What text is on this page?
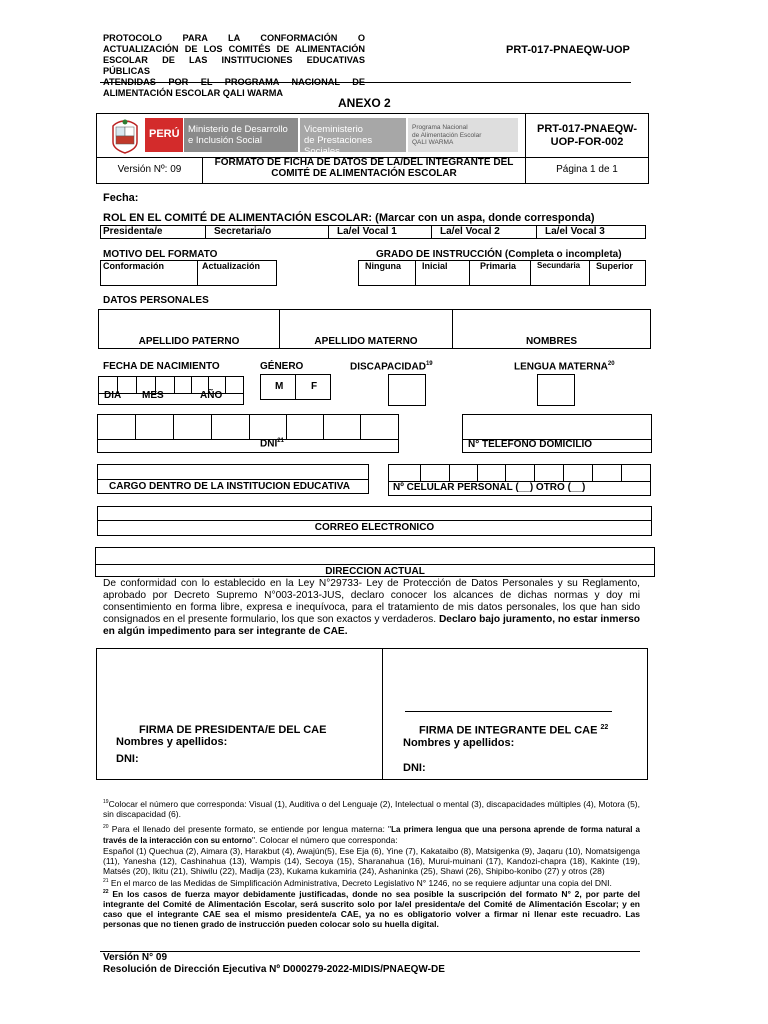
PROTOCOLO PARA LA CONFORMACIÓN O
ACTUALIZACIÓN DE LOS COMITÉS DE ALIMENTACIÓN
ESCOLAR DE LAS INSTITUCIONES EDUCATIVAS PÚBLICAS
ATENDIDAS POR EL PROGRAMA NACIONAL DE
ALIMENTACIÓN ESCOLAR QALI WARMA
PRT-017-PNAEQW-UOP
ANEXO 2
PERÚ Ministerio de Desarrollo
e Inclusión Social
Viceministerio
de Prestaciones Sociales
Programa Nacional
de Alimentación Escolar
QALI WARMA
PRT-017-PNAEQW-
UOP-FOR-002
Versión Nº: 09
FORMATO DE FICHA DE DATOS DE LA/DEL INTEGRANTE DEL
COMITÉ DE ALIMENTACIÓN ESCOLAR	Página 1 de 1
Fecha:
ROL EN EL COMITÉ DE ALIMENTACIÓN ESCOLAR: (Marcar con un aspa, donde corresponda)
Presidenta/e	Secretaria/o	La/el Vocal 1	La/el Vocal 2	La/el Vocal 3
MOTIVO DEL FORMATO
Conformación	Actualización
GRADO DE INSTRUCCIÓN (Completa o incompleta)
Ninguna Inicial	Primaria	Secundaria Superior
DATOS PERSONALES
APELLIDO PATERNO	APELLIDO MATERNO	NOMBRES
FECHA DE NACIMIENTO	GÉNERO	DISCAPACIDAD$^{19}$	LENGUA MATERNA$^{20}$
DIA MES	AÑO
M	F
DNI$^{21}$	N° TELEFONO DOMICILIO
CARGO DENTRO DE LA INSTITUCION EDUCATIVA	Nº CELULAR PERSONAL (__) OTRO (__)
CORREO ELECTRONICO
DIRECCION ACTUAL
De conformidad con lo establecido en la Ley N°29733- Ley de Protección de Datos Personales y su Reglamento, aprobado por Decreto Supremo N°003-2013-JUS, declaro conocer los alcances de dichas normas y doy mi consentimiento en forma libre, expresa e inequívoca, para el tratamiento de mis datos personales, los que han sido consignados en el presente formulario, los que son exactos y verdaderos. Declaro bajo juramento, no estar inmerso en algún impedimento para ser integrante de CAE.
FIRMA DE PRESIDENTA/E DEL CAE
Nombres y apellidos:
DNI:
FIRMA DE INTEGRANTE DEL CAE $^{22}$
Nombres y apellidos:
DNI:
$^{19}$Colocar el número que corresponda: Visual (1), Auditiva o del Lenguaje (2), Intelectual o mental (3), discapacidades múltiples (4), Motora (5), sin discapacidad (6).
$^{20}$ Para el llenado del presente formato, se entiende por lengua materna: "La primera lengua que una persona aprende de forma natural a través de la interacción con su entorno". Colocar el número que corresponda:
Español (1) Quechua (2), Aimara (3), Harakbut (4), Awajún(5), Ese Eja (6), Yine (7), Kakataibo (8), Matsigenka (9), Jaqaru (10), Nomatsigenga (11), Yanesha (12), Cashinahua (13), Wampis (14), Secoya (15), Sharanahua (16), Murui-muinani (17), Kandozi-chapra (18), Kakinte (19), Matsés (20), Ikitu (21), Shiwilu (22), Madija (23), Kukama kukamiria (24), Ashaninka (25), Shawi (26), Shipibo-konibo (27) y otros (28)
$^{21}$ En el marco de las Medidas de Simplificación Administrativa, Decreto Legislativo N° 1246, no se requiere adjuntar una copia del DNI.
$^{22}$ En los casos de fuerza mayor debidamente justificadas, donde no sea posible la suscripción del formato N° 2, por parte del integrante del Comité de Alimentación Escolar, será suscrito solo por la/el presidenta/e del Comité de Alimentación Escolar; y en caso que el integrante CAE sea el mismo presidente/a CAE, ya no es obligatorio volver a firmar ni llenar este recuadro. Las personas que no tienen grado de instrucción pueden colocar solo su huella digital.
Versión N° 09
Resolución de Dirección Ejecutiva Nº D000279-2022-MIDIS/PNAEQW-DE
